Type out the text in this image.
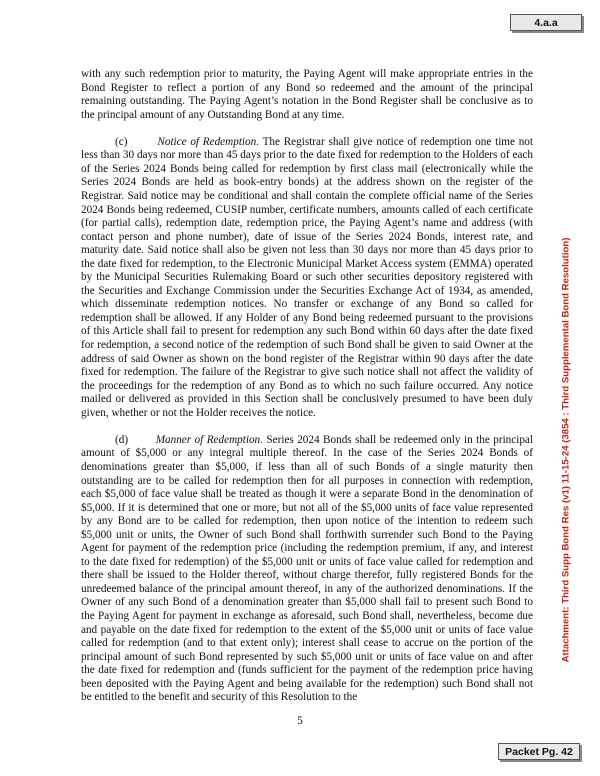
4.a.a
Attachment: Third Supp Bond Res (v1) 11-15-24 (3854 : Third Supplemental Bond Resolution)

with any such redemption prior to maturity, the Paying Agent will make appropriate entries in the Bond Register to reflect a portion of any Bond so redeemed and the amount of the principal remaining outstanding. The Paying Agent’s notation in the Bond Register shall be conclusive as to the principal amount of any Outstanding Bond at any time.

(c)	Notice of Redemption. The Registrar shall give notice of redemption one time not less than 30 days nor more than 45 days prior to the date fixed for redemption to the Holders of each of the Series 2024 Bonds being called for redemption by first class mail (electronically while the Series 2024 Bonds are held as book-entry bonds) at the address shown on the register of the Registrar. Said notice may be conditional and shall contain the complete official name of the Series 2024 Bonds being redeemed, CUSIP number, certificate numbers, amounts called of each certificate (for partial calls), redemption date, redemption price, the Paying Agent’s name and address (with contact person and phone number), date of issue of the Series 2024 Bonds, interest rate, and maturity date. Said notice shall also be given not less than 30 days nor more than 45 days prior to the date fixed for redemption, to the Electronic Municipal Market Access system (EMMA) operated by the Municipal Securities Rulemaking Board or such other securities depository registered with the Securities and Exchange Commission under the Securities Exchange Act of 1934, as amended, which disseminate redemption notices. No transfer or exchange of any Bond so called for redemption shall be allowed. If any Holder of any Bond being redeemed pursuant to the provisions of this Article shall fail to present for redemption any such Bond within 60 days after the date fixed for redemption, a second notice of the redemption of such Bond shall be given to said Owner at the address of said Owner as shown on the bond register of the Registrar within 90 days after the date fixed for redemption. The failure of the Registrar to give such notice shall not affect the validity of the proceedings for the redemption of any Bond as to which no such failure occurred. Any notice mailed or delivered as provided in this Section shall be conclusively presumed to have been duly given, whether or not the Holder receives the notice.

(d) Manner of Redemption. Series 2024 Bonds shall be redeemed only in the principal amount of $5,000 or any integral multiple thereof. In the case of the Series 2024 Bonds of denominations greater than $5,000, if less than all of such Bonds of a single maturity then outstanding are to be called for redemption then for all purposes in connection with redemption, each $5,000 of face value shall be treated as though it were a separate Bond in the denomination of $5,000. If it is determined that one or more, but not all of the $5,000 units of face value represented by any Bond are to be called for redemption, then upon notice of the intention to redeem such $5,000 unit or units, the Owner of such Bond shall forthwith surrender such Bond to the Paying Agent for payment of the redemption price (including the redemption premium, if any, and interest to the date fixed for redemption) of the $5,000 unit or units of face value called for redemption and there shall be issued to the Holder thereof, without charge therefor, fully registered Bonds for the unredeemed balance of the principal amount thereof, in any of the authorized denominations. If the Owner of any such Bond of a denomination greater than $5,000 shall fail to present such Bond to the Paying Agent for payment in exchange as aforesaid, such Bond shall, nevertheless, become due and payable on the date fixed for redemption to the extent of the $5,000 unit or units of face value called for redemption (and to that extent only); interest shall cease to accrue on the portion of the principal amount of such Bond represented by such $5,000 unit or units of face value on and after the date fixed for redemption and (funds sufficient for the payment of the redemption price having been deposited with the Paying Agent and being available for the redemption) such Bond shall not be entitled to the benefit and security of this Resolution to the

5
Packet Pg. 42
